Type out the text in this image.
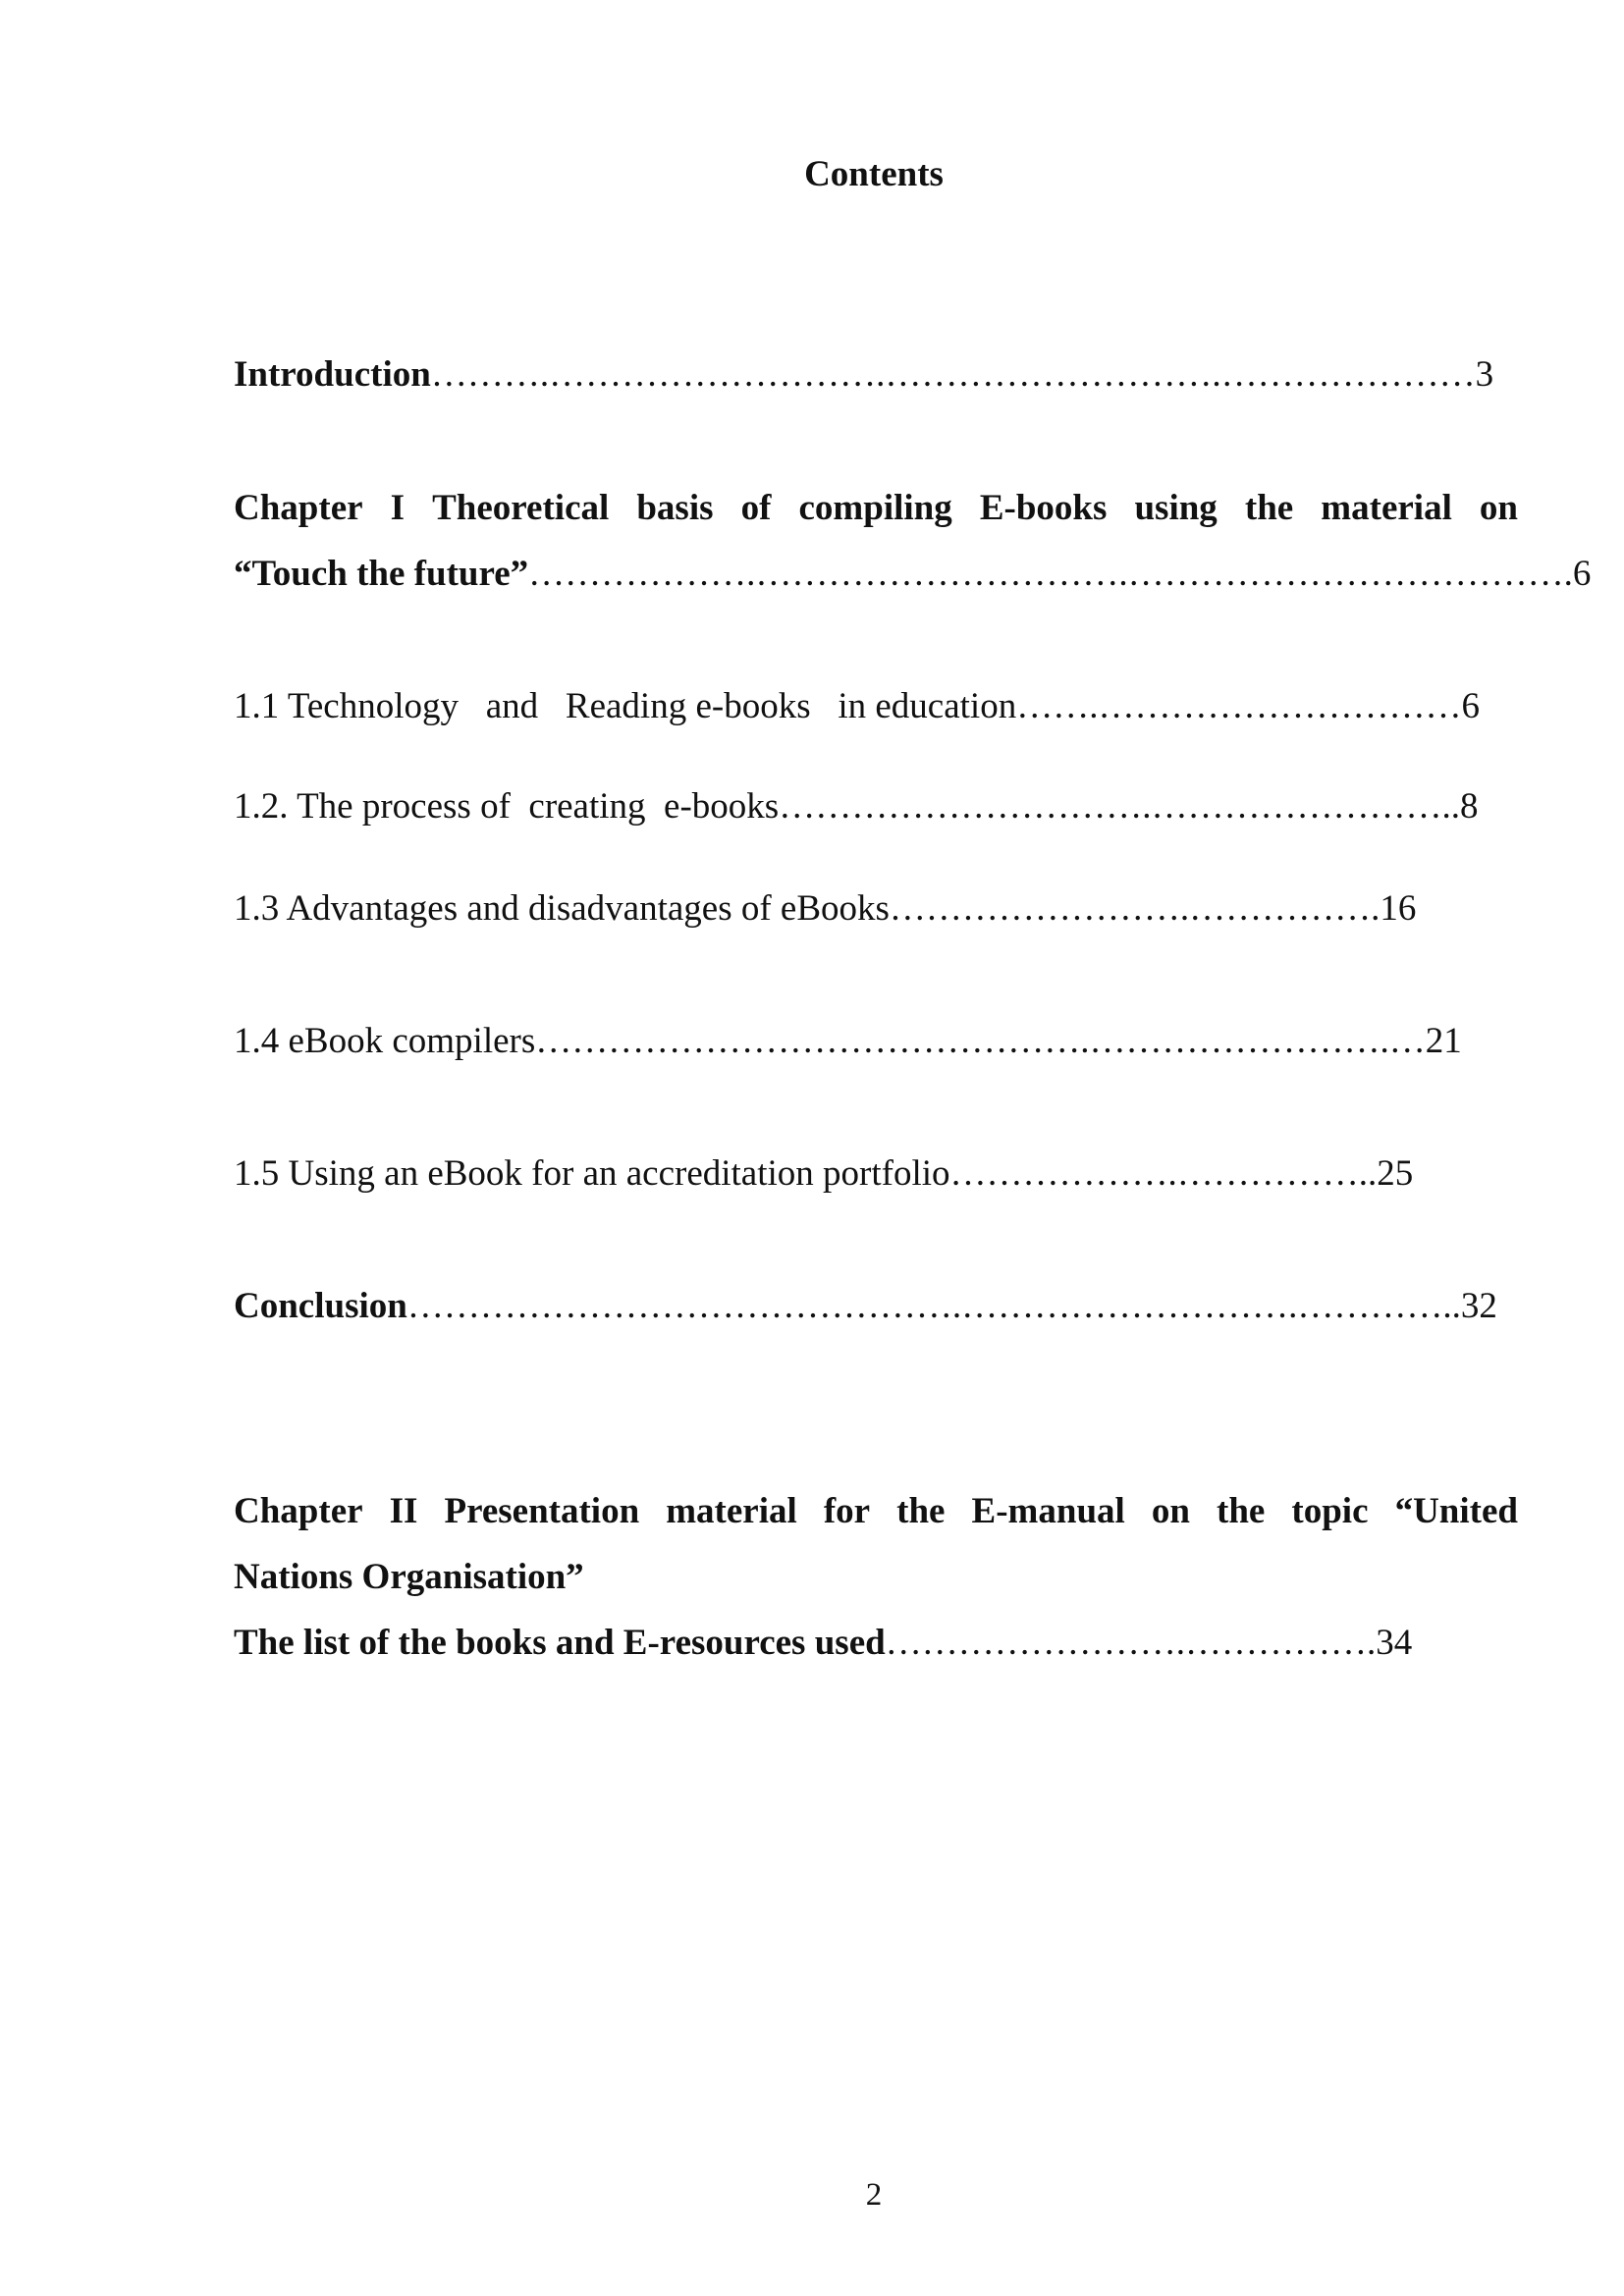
Contents
Introduction……….……………………….……………………….…………………3
Chapter I Theoretical basis of compiling E-books using the material on
“Touch the future”……………….………………………….……………………………….6
1.1 Technology   and   Reading e-books   in education…….…………………………6
1.2. The process of  creating  e-books………………………….……………………..8
1.3 Advantages and disadvantages of eBooks…………………….…………….16
1.4 eBook compilers……………………………………….…………………….…21
1.5 Using an eBook for an accreditation portfolio……………….……………..25
Conclusion……………………………………….……………………….…………..32
Chapter II Presentation material for the E-manual on the topic “United
Nations Organisation”
The list of the books and E-resources used…………………….…………….34
2
